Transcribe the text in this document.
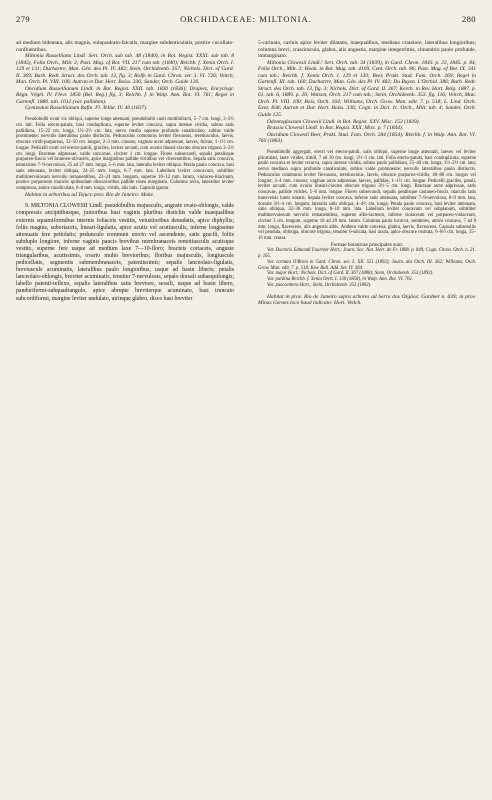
279	ORCHIDACEAE: MILTONIA.	280

ad medium bidentata, alis magnis, subquadrato-falcatis, margine subdenticulatis, postice cucullato-confluentibus.

Miltonia Russelliana Lindl. Sert. Orch. sub tab. 48 (1840), in Bot. Regist. XXXI. sub tab. 8 (1845), Folia Orch., Milt. 2; Paxt. Mag. of Bot. VII. 217 cum tab. (1840); Reichb. f. Xenia Orch. I. 129 et 131; Duchartre, Man. Gén. des Pl. IV. 482; Stein, Orchideenb. 357; Nichols. Dict. of Gard. II. 369; Burb. Redr. Struct. des Orch. tab. 13, fig. 3; Rolfe in Gard. Chron. ser. 3. VI. 726; Veitch, Man. Orch. Pl. VIII. 106; Autran et Dur. Hort. Boiss. 336; Sander, Orch. Guide 126.

Oncidium Russellianum Lindl. in Bot. Regist. XXII. tab. 1830 (1836); Drapiez, Encyclogr. Règn. Végét. IV. Flevr. 1856 (Bel. Reg.) fig. 3; Reichb. f. in Walp. Ann. Bot. VI. 761; Regel in Gartenfl. 1880. tab. 1012 (var. pallidum).

Gynizodon Russellianum Rafin. Fl. Tellur. IV. 40 (1837).

Pseudobulbi ovati vix obliqui, superne longe attenuati, pseudobulbi cauli multiinfracti, 5–7 cm. longi, 2–2½ cm. lati. Folia erecto-patula, basi conduplicata, superne leviter concava, supra intense viridia, subtus satis pallidiora, 15–22 cm. longa, 1½–2½ cm. lata, nervo medio superne profunde canaliculato, subtus valde prominente; nervulis lateralibus paulo distinctis. Pedunculus communis leviter flexuosus, teretiusculus, laevis, obscure viridi-purpureus, 32–50 cm. longus, 2–3 mm. crassus; vaginae arcte adpressae, laeves, fulvae, 1–1½ cm. longae. Pedicelli ovati vel erecto-patuli, graciles, leviter arcuati, cum ovario lineari-clavato obscure trigono 2–2½ cm. longi. Bracteae adpressae, valde concavae, circiter 1 cm. longae. Flores subsecundi, sepalis petalisque purpureo-fuscis vel brunneo-olivaceis, apice marginibus pallide viridibus vel virescentibus. Sepala satis concava, tenuissime 7–9-nervulosa, 25 ad 27 mm. longa, 5–6 mm. lata, lateralia leviter obliqua. Petala paulo concava, basi satis attenuata, leviter obliqua, 24–25 mm. longa, 6–7 mm. lata. Labellum leviter concavum, subtiliter multiinervulosum nervulis remanentibus, 22–24 mm. longum, superne 10–12 mm. latum, violaceo-lilacinum, postice purpureum maculis quibusdam obscurioribus pallide rosea marginato. Columna recta, lateraliter leviter compressa, antice canaliculata, 6–8 mm. longa, viridis, alis latis. Capsula ignota.

Habitat in arboribus ad Tejuco prov. Rio de Janeiro: Moke.

9. MILTONIA CLOWESII Lindl. pseudobulbis majusculis, anguste ovato-oblongis, valde compressis ancipitibusque, junioribus basi vaginis pluribus distichis valde inaequalibus externis squamiformibus internis foliaceis vestitis, vetustioribus denudatis, apice diphyllis; foliis magnis, suboriaceis, lineari-ligulatis, apice acutis vel acutiusculis, inferne longissime attenuatis fere petiolatis; pedunculo communi erecto vel ascendente, satis gracili, foliis subduplo longiore, inferne vaginis paucis brevibus membranaceis remotiusculis acutisque vestito, superne fere usque ad medium laxe 7—10-floro; bracteis coriaceis, anguste triangularibus, acutissimis, ovario multo brevioribus; floribus majusculis, longiuscule pedicellatis, segmentis submembranaceis, patentissimis; sepalis lanceolato-ligulatis, breviuscule acuminatis, lateralibus paulo longioribus, usque ad basin liberis; petalis lanceolato-oblongis, breviter acuminatis, tenuiter 7-nervulosis, sepalo dorsali subaequilongis; labello patenti-reflexo, sepalis lateralibus satis breviore, sessili, usque ad basin libero, pandurifermi-subquadrangulo, apice abrupte breviterque acuminato, basi truncato subcordiformi, margine leviter undulato, utrinque glabro, disco basi breviter

5-carinato, carinis apice leviter dilatatis, inaequalibus, mediano crassiore, lateralibus longioribus; columna brevi, crassiuscula, glabra, alis angustis, margine integerrimis, clinandrio paulo profunde, immarginato.

Miltonia Clowesii Lindl.! Sert. Orch. tab. 34 (1839), in Gard. Chron. 1843. p. 23, 1845. p. 84, Folia Orch., Milt. 2; Hook. in Bot. Mag. tab. 4109, Cent. Orch. tab. 86; Paxt. Mag. of Bot. IX. 341 cum tab.; Reichb. f. Xenia Orch. I. 129 et 130; Beer, Prakt. Stud. Fam. Orch. 269; Regel in Gartenfl. III. tab. 160; Duchartre, Man. Gén. des Pl. IV. 482; Du Buysn. L'Orchid. 386; Burb. Redr. Struct. des Orch. tab. 13, fig. 3; Nichols. Dict. of Gard. II. 367; Kerch. in Rev. Hort. Belg. 1887. p. 61. tab. 6, 1889. p. 26; Watson, Orch. 217 cum tab.; Stein, Orchideenb. 353. fig. 116; Veitch, Man. Orch. Pl. VIII. 100; Bois, Orch. 164; Williams, Orch. Grow. Man. edit. 7. p. 518; L. Lind. Orch. Exot. 838; Autran et Dur. Hort. Boiss. 336; Cogn. in Dict. Ic. Orch., Milt. tab. 4; Sander, Orch. Guide 125.

Odontoglossum Clowesii Lindl. in Bot. Regist. XXV. Misc. 153 (1839).

Brassia Clowesii Lindl. in Bot. Regist. XXX. Misc. p. 7 (1844).

Oncidium Clowesii Beer, Prakt. Stud. Fam. Orch. 284 (1854); Reichb. f. in Walp. Ann. Bot. VI. 760 (1863).

Pseudobulbi aggregati, erecti vel erecto-patuli, satis obliqui, superne longe attenuati, laeves vel leviter plicatulati, laete virides, nitidi, 7 ad 10 cm. longi, 2½–3 cm. lati. Folia erecto-patula, basi conduplicata, superne paulo concava et leviter recurva, supra intense viridia, subtus paulo pallidiora, 25–40 cm. longa, 1½–2½ cm. lata; nervo mediano supra profunde canaliculato, subtus valde prominente; nervulis lateralibus paulo distinctis. Pedunculus communis leviter flexuosus, teretiusculus, laevis, obscure purpureo-viridis, 40–80 cm. longus vel longior, 3–4 mm. crassus; vaginae arcte adpressae, laeves, pallidae, 1–1½ cm. longae. Pedicelli graciles, patuli, leviter arcuati, cum ovario lineari-clavato obscure trigono 3½–5 cm. longi. Bracteae arcte adpressae, satis concavae, pallide virides, 5–8 mm. longae. Flores subsecundi, sepalis petalisque castaneo-fuscis, maculis latis transversis luteis notatis. Sepala leviter concava, inferne satis attenuata, subtiliter 7–9-nervulosa, 8–9 mm. lata, dorsale 3½–4 cm. longum, lateralia satis obliqua, 4–4½ cm. longa. Petala paulo concava, basi leviter attenuata, satis obliqua, 32–36 mm. longa, 8–10 mm. lata. Labellum leviter concavum vel subplanum, subtiliter multinervulosum nervulis remanentibus, superne albo-lacteum, inferne violaceum vel purpureo-violaceum, circiter 3 cm. longum, superne 18 ad 20 mm. latum. Columna paulo incurva, semiteres, antice concava, 7 ad 8 mm. longa, flavescens, alis angustis albis. Anthera valde convexa, glabra, laevis, flavescens. Capsula subsessilis vel pendula, oblonga, obscure trigona, tenuiter 6-sulcata, basi acuta, apice obscure rostrata, 6–6½ cm. longa, 15–16 mm. crassa.

Formae botanicae principales sunt:

Var. Doctoris Edmondi Fournier Hort.; Journ. Soc. Nat. Hort. de Fr. 1888. p. 849; Cogn. Chron. Orch. n. 21. p. 165.

Var. cornuta O'Brien in Gard. Chron. ser. 3. XII. 551 (1892); Journ. des Orch. III. 362; Williams, Orch. Grow. Man. edit. 7. p. 518; Kew Bull. Add. Ser. IV. 364.

Var. major Hort.; Nichols. Dict. of Gard. II. 367 (1888); Stein, Orchideenb. 353 (1892).

Var. pardina Reichb. f. Xenia Orch. I. 130 (1858), in Walp. Ann. Bot. VI. 761.

Var. pascoentera Hort.; Stein, Orchideenb. 353 (1892).

Habitat in prov. Rio de Janeiro supra arbores ad Serra dos Orgãos: Gardner n. 639; in prov. Minas Geraes loco haud indicato: Hort. Veitch.
